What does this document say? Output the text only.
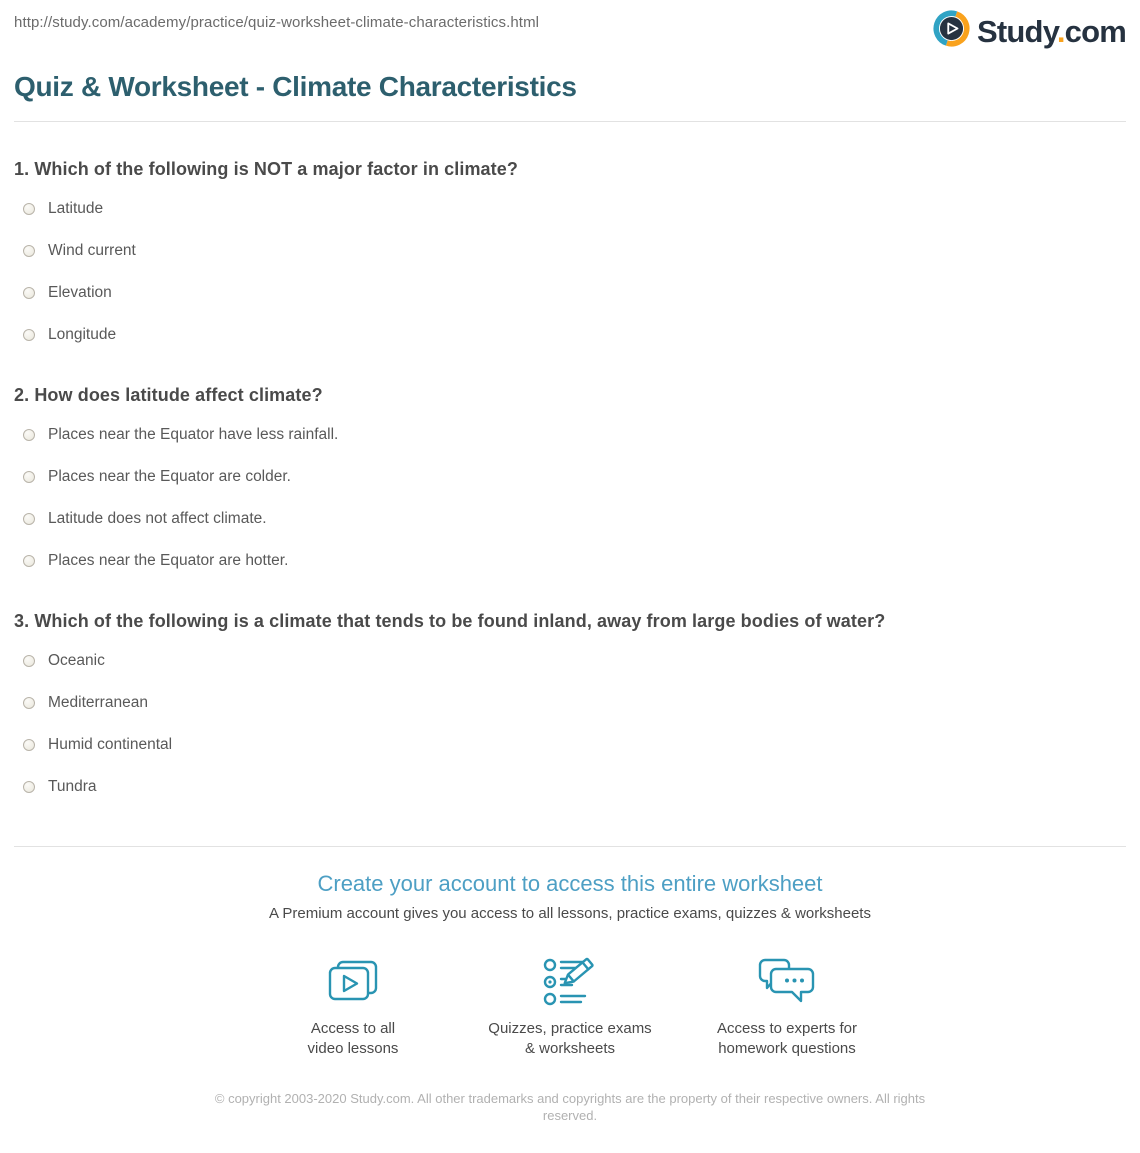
http://study.com/academy/practice/quiz-worksheet-climate-characteristics.html	Study.com
Quiz & Worksheet - Climate Characteristics
1. Which of the following is NOT a major factor in climate?
Latitude
Wind current
Elevation
Longitude
2. How does latitude affect climate?
Places near the Equator have less rainfall.
Places near the Equator are colder.
Latitude does not affect climate.
Places near the Equator are hotter.
3. Which of the following is a climate that tends to be found inland, away from large bodies of water?
Oceanic
Mediterranean
Humid continental
Tundra
Create your account to access this entire worksheet
A Premium account gives you access to all lessons, practice exams, quizzes & worksheets
Access to all
video lessons
Quizzes, practice exams
& worksheets
Access to experts for
homework questions
© copyright 2003-2020 Study.com. All other trademarks and copyrights are the property of their respective owners. All rights
reserved.
